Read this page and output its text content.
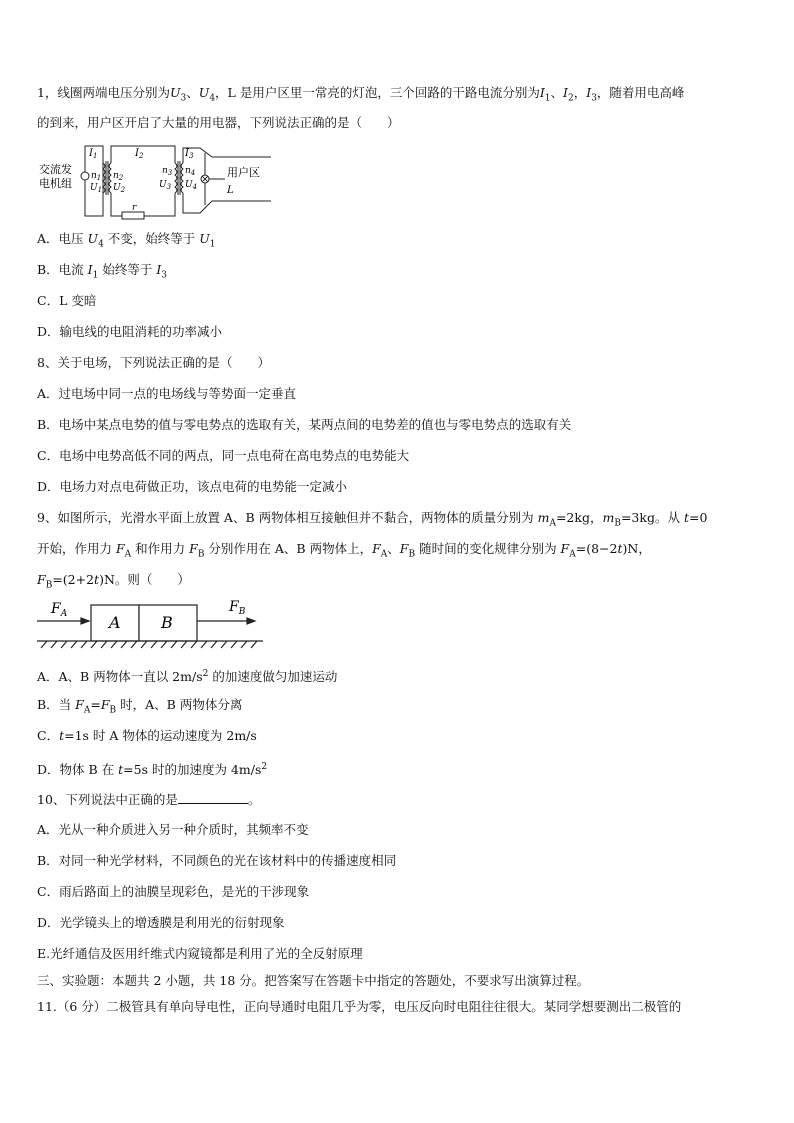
1，线圈两端电压分别为$U_3$、$U_4$，L 是用户区里一常亮的灯泡，三个回路的干路电流分别为$I_1$、$I_2$，$I_3$，随着用电高峰
的到来，用户区开启了大量的用电器，下列说法正确的是（　　）
交流发
电机组
$I_1$	$I_2$	$I_3$
$n_1$
$U_1$
$n_2$
$U_2$
$n_3$
$U_3$
$n_4$
$U_4$
r
用户区
L
A．电压 $U_4$ 不变，始终等于 $U_1$
B．电流 $I_1$ 始终等于 $I_3$
C．L 变暗
D．输电线的电阻消耗的功率减小
8、关于电场，下列说法正确的是（　　）
A．过电场中同一点的电场线与等势面一定垂直
B．电场中某点电势的值与零电势点的选取有关，某两点间的电势差的值也与零电势点的选取有关
C．电场中电势高低不同的两点，同一点电荷在高电势点的电势能大
D．电场力对点电荷做正功，该点电荷的电势能一定减小
9、如图所示，光滑水平面上放置 A、B 两物体相互接触但并不黏合，两物体的质量分别为 $m_A=2kg$，$m_B=3kg$。从 t=0
开始，作用力 $F_A$ 和作用力 $F_B$ 分别作用在 A、B 两物体上，$F_A$、$F_B$ 随时间的变化规律分别为 $F_A=(8-2t)N$，
$F_B=(2+2t)N$。则（　　）
$F_A$	$F_B$
A	B
A．A、B 两物体一直以 $2m/s^2$ 的加速度做匀加速运动
B．当 $F_A=F_B$ 时，A、B 两物体分离
C．t=1s 时 A 物体的运动速度为 2m/s
D．物体 B 在 t=5s 时的加速度为 $4m/s^2$
10、下列说法中正确的是	。
A．光从一种介质进入另一种介质时，其频率不变
B．对同一种光学材料，不同颜色的光在该材料中的传播速度相同
C．雨后路面上的油膜呈现彩色，是光的干涉现象
D．光学镜头上的增透膜是利用光的衍射现象
E.光纤通信及医用纤维式内窥镜都是利用了光的全反射原理
三、实验题：本题共 2 小题，共 18 分。把答案写在答题卡中指定的答题处，不要求写出演算过程。
11.（6 分）二极管具有单向导电性，正向导通时电阻几乎为零，电压反向时电阻往往很大。某同学想要测出二极管的
